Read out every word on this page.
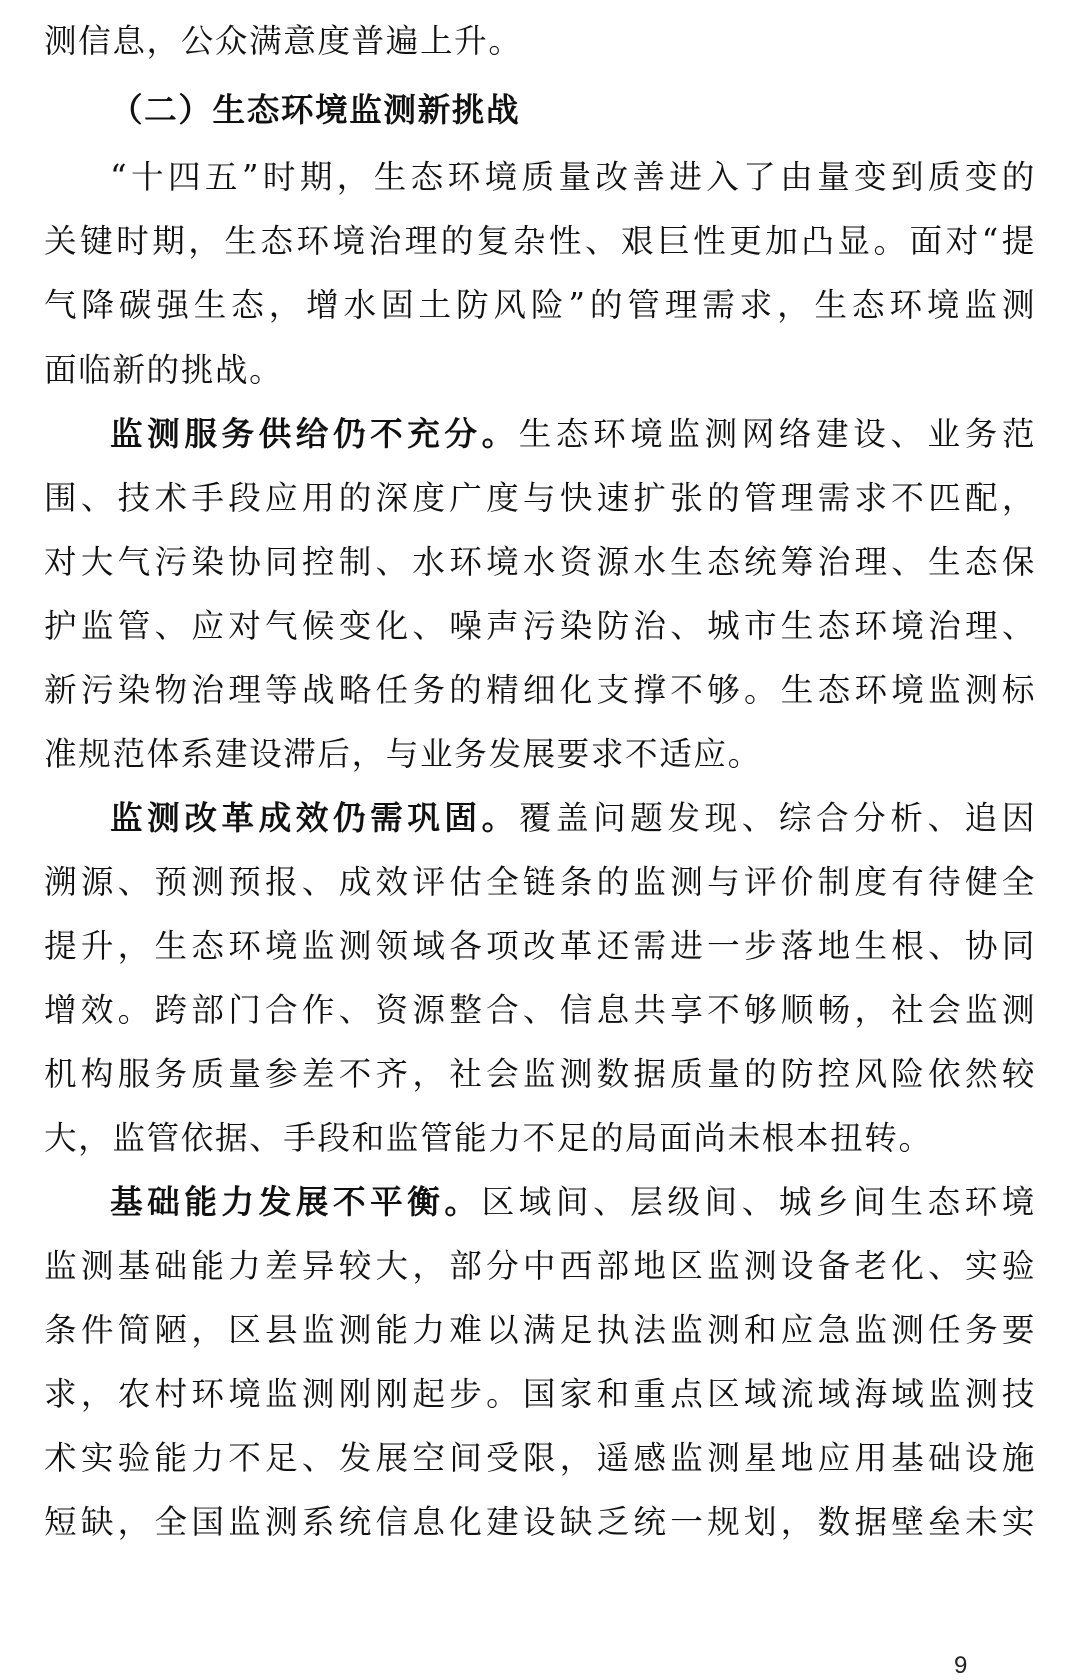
测信息，公众满意度普遍上升。
（二）生态环境监测新挑战
“十四五”时期，生态环境质量改善进入了由量变到质变的
关键时期，生态环境治理的复杂性、艰巨性更加凸显。面对“提
气降碳强生态，增水固土防风险”的管理需求，生态环境监测
面临新的挑战。
监测服务供给仍不充分。生态环境监测网络建设、业务范
围、技术手段应用的深度广度与快速扩张的管理需求不匹配，
对大气污染协同控制、水环境水资源水生态统筹治理、生态保
护监管、应对气候变化、噪声污染防治、城市生态环境治理、
新污染物治理等战略任务的精细化支撑不够。生态环境监测标
准规范体系建设滞后，与业务发展要求不适应。
监测改革成效仍需巩固。覆盖问题发现、综合分析、追因
溯源、预测预报、成效评估全链条的监测与评价制度有待健全
提升，生态环境监测领域各项改革还需进一步落地生根、协同
增效。跨部门合作、资源整合、信息共享不够顺畅，社会监测
机构服务质量参差不齐，社会监测数据质量的防控风险依然较
大，监管依据、手段和监管能力不足的局面尚未根本扭转。
基础能力发展不平衡。区域间、层级间、城乡间生态环境
监测基础能力差异较大，部分中西部地区监测设备老化、实验
条件简陋，区县监测能力难以满足执法监测和应急监测任务要
求，农村环境监测刚刚起步。国家和重点区域流域海域监测技
术实验能力不足、发展空间受限，遥感监测星地应用基础设施
短缺，全国监测系统信息化建设缺乏统一规划，数据壁垒未实
9
